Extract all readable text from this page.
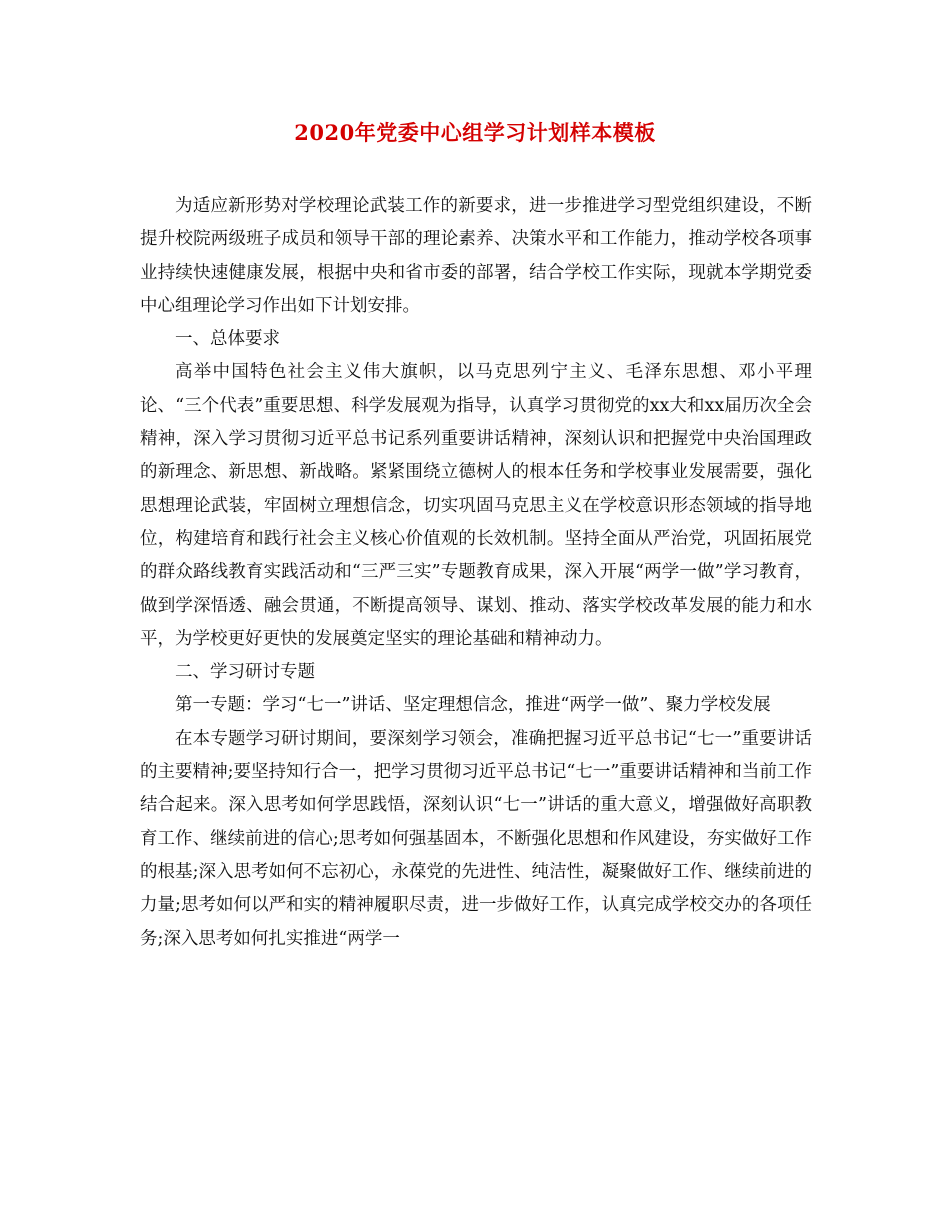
2020年党委中心组学习计划样本模板

为适应新形势对学校理论武装工作的新要求，进一步推进学习型党组织建设，不断提升校院两级班子成员和领导干部的理论素养、决策水平和工作能力，推动学校各项事业持续快速健康发展，根据中央和省市委的部署，结合学校工作实际，现就本学期党委中心组理论学习作出如下计划安排。

一、总体要求

高举中国特色社会主义伟大旗帜，以马克思列宁主义、毛泽东思想、邓小平理论、“三个代表”重要思想、科学发展观为指导，认真学习贯彻党的xx大和xx届历次全会精神，深入学习贯彻习近平总书记系列重要讲话精神，深刻认识和把握党中央治国理政的新理念、新思想、新战略。紧紧围绕立德树人的根本任务和学校事业发展需要，强化思想理论武装，牢固树立理想信念，切实巩固马克思主义在学校意识形态领域的指导地位，构建培育和践行社会主义核心价值观的长效机制。坚持全面从严治党，巩固拓展党的群众路线教育实践活动和“三严三实”专题教育成果，深入开展“两学一做”学习教育，做到学深悟透、融会贯通，不断提高领导、谋划、推动、落实学校改革发展的能力和水平，为学校更好更快的发展奠定坚实的理论基础和精神动力。

二、学习研讨专题

第一专题：学习“七一”讲话、坚定理想信念，推进“两学一做”、聚力学校发展

在本专题学习研讨期间，要深刻学习领会，准确把握习近平总书记“七一”重要讲话的主要精神;要坚持知行合一，把学习贯彻习近平总书记“七一”重要讲话精神和当前工作结合起来。深入思考如何学思践悟，深刻认识“七一”讲话的重大意义，增强做好高职教育工作、继续前进的信心;思考如何强基固本，不断强化思想和作风建设，夯实做好工作的根基;深入思考如何不忘初心，永葆党的先进性、纯洁性，凝聚做好工作、继续前进的力量;思考如何以严和实的精神履职尽责，进一步做好工作，认真完成学校交办的各项任务;深入思考如何扎实推进“两学一
